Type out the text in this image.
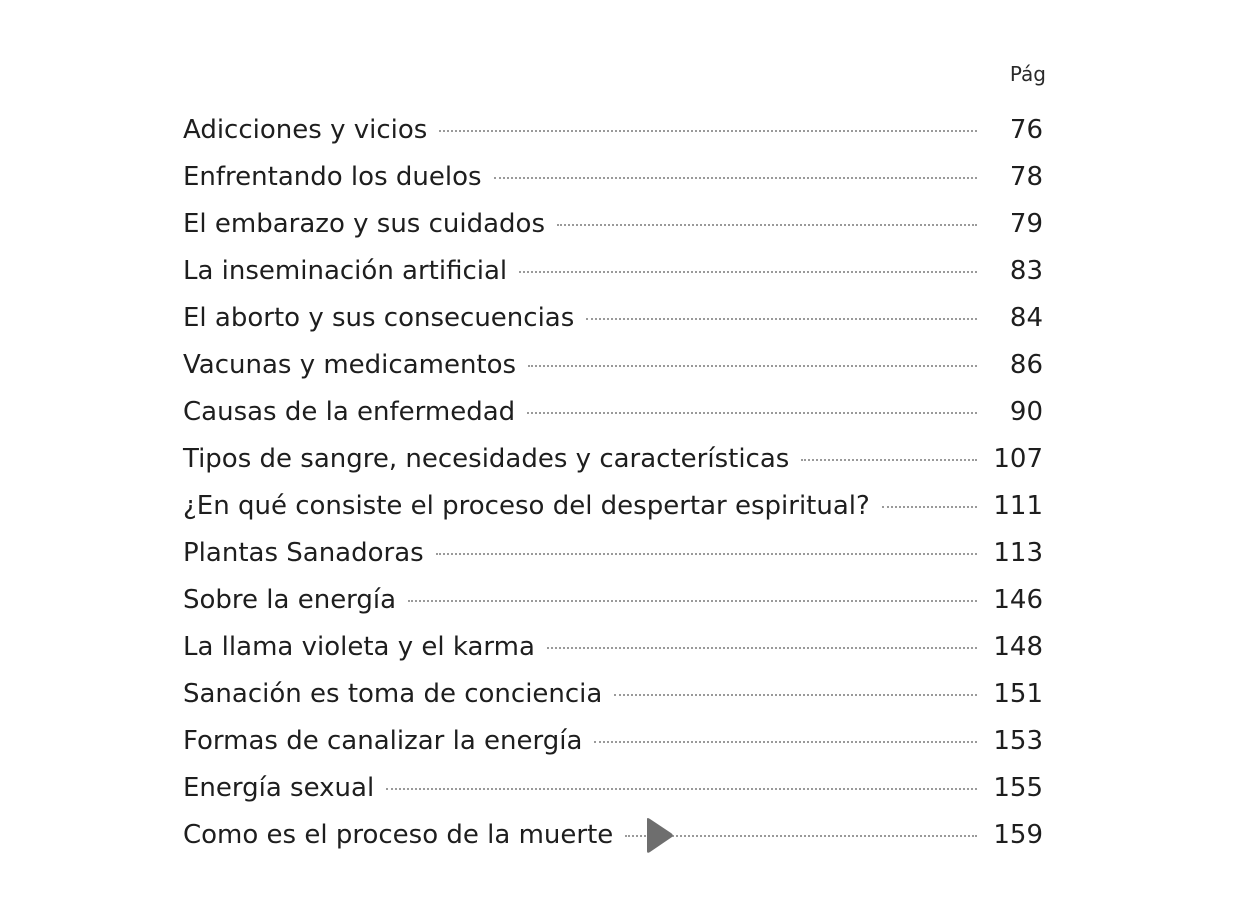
Pág
Adicciones y vicios	76
Enfrentando los duelos	78
El embarazo y sus cuidados	79
La inseminación artificial	83
El aborto y sus consecuencias	84
Vacunas y medicamentos	86
Causas de la enfermedad	90
Tipos de sangre, necesidades y características	107
¿En qué consiste el proceso del despertar espiritual?	111
Plantas Sanadoras	113
Sobre la energía	146
La llama violeta y el karma	148
Sanación es toma de conciencia	151
Formas de canalizar la energía	153
Energía sexual	155
Como es el proceso de la muerte	159
